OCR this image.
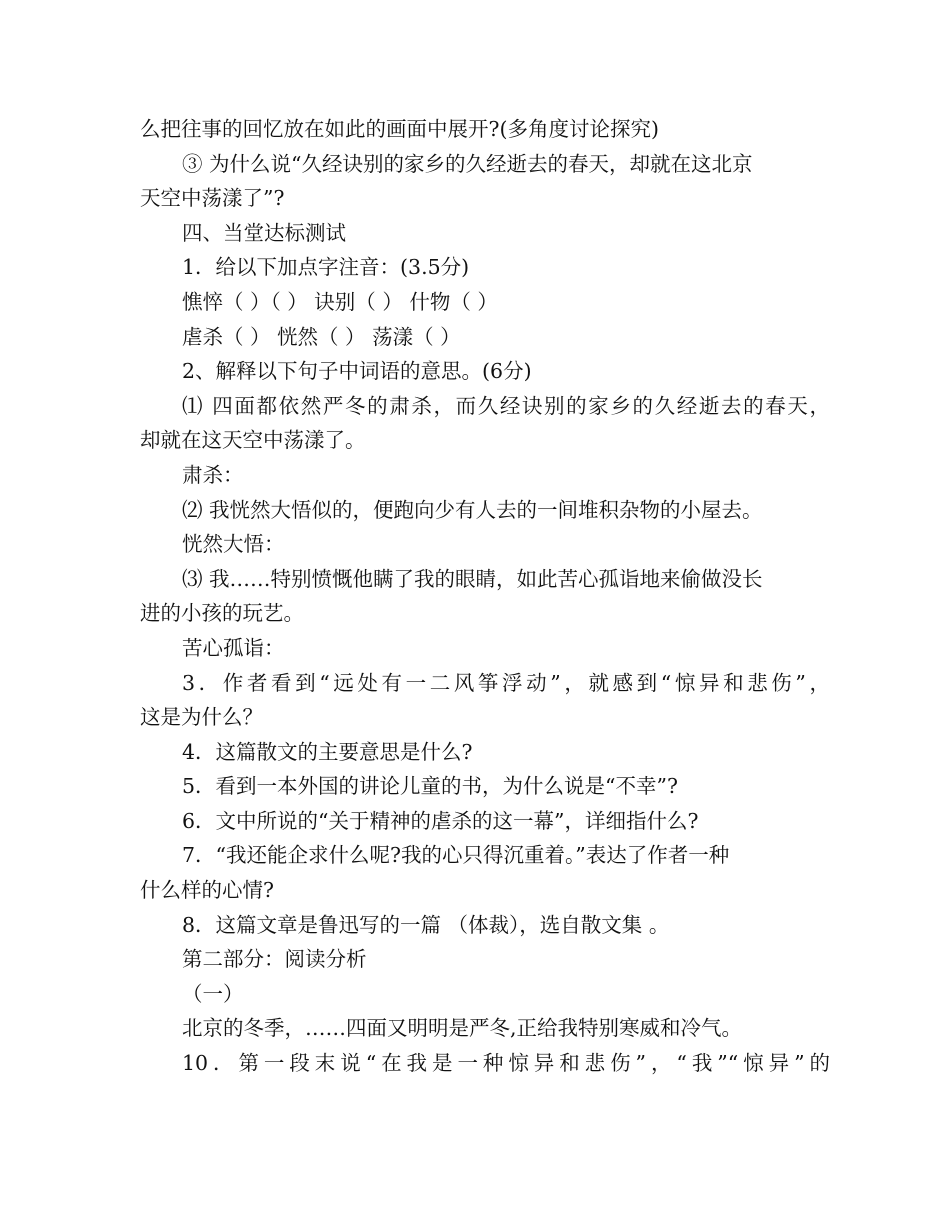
么把往事的回忆放在如此的画面中展开?(多角度讨论探究)
③ 为什么说“久经诀别的家乡的久经逝去的春天，却就在这北京
天空中荡漾了”?
四、当堂达标测试
1．给以下加点字注音：(3.5分)
憔悴（ ）（ ） 诀别（ ） 什物（ ）
虐杀（ ） 恍然（ ） 荡漾（ ）
2、解释以下句子中词语的意思。(6分)
⑴ 四面都依然严冬的肃杀，而久经诀别的家乡的久经逝去的春天，
却就在这天空中荡漾了。
肃杀：
⑵ 我恍然大悟似的，便跑向少有人去的一间堆积杂物的小屋去。
恍然大悟：
⑶ 我……特别愤慨他瞒了我的眼睛，如此苦心孤诣地来偷做没长
进的小孩的玩艺。
苦心孤诣：
3．作者看到“远处有一二风筝浮动”，就感到“惊异和悲伤”，
这是为什么？
4．这篇散文的主要意思是什么?
5．看到一本外国的讲论儿童的书，为什么说是“不幸”?
6．文中所说的“关于精神的虐杀的这一幕”，详细指什么?
7．“我还能企求什么呢?我的心只得沉重着。”表达了作者一种
什么样的心情?
8．这篇文章是鲁迅写的一篇 （体裁），选自散文集 。
第二部分：阅读分析
（一）
北京的冬季，……四面又明明是严冬,正给我特别寒威和冷气。
10．第一段末说“在我是一种惊异和悲伤”，“我”“惊异”的
